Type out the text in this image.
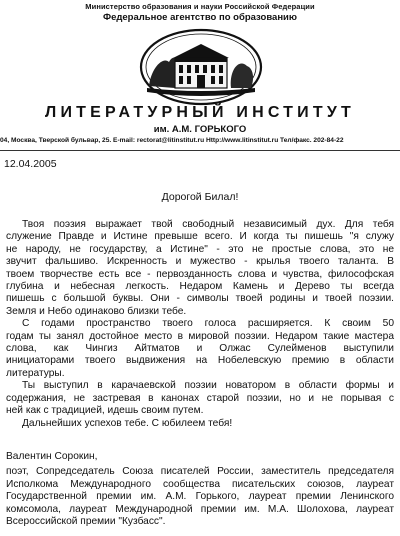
Министерство образования и науки Российской Федерации
Федеральное агентство по образованию
ЛИТЕРАТУРНЫЙ ИНСТИТУТ
им. А.М. ГОРЬКОГО
04, Москва, Тверской бульвар, 25. E-mail: rectorat@litinstitut.ru Http://www.litinstitut.ru Тел/факс. 202-84-22
12.04.2005
Дорогой Билал!
Твоя поэзия выражает твой свободный независимый дух. Для тебя
служение Правде и Истине превыше всего. И когда ты пишешь "я служу
не народу, не государству, а Истине" - это не простые слова, это не
звучит фальшиво. Искренность и мужество - крылья твоего таланта. В
твоем творчестве есть все - первозданность слова и чувства, философская
глубина и небесная легкость. Недаром Камень и Дерево ты всегда
пишешь с большой буквы. Они - символы твоей родины и твоей поэзии.
Земля и Небо одинаково близки тебе.
С годами пространство твоего голоса расширяется. К своим 50
годам ты занял достойное место в мировой поэзии. Недаром такие мастера
слова, как Чингиз Айтматов и Олжас Сулейменов выступили
инициаторами твоего выдвижения на Нобелевскую премию в области
литературы.
Ты выступил в карачаевской поэзии новатором в области формы и
содержания, не застревая в канонах старой поэзии, но и не порывая с
ней как с традицией, идешь своим путем.
Дальнейших успехов тебе. С юбилеем тебя!
Валентин Сорокин,
поэт, Сопредседатель Союза писателей России, заместитель председателя
Исполкома Международного сообщества писательских союзов, лауреат
Государственной премии им. А.М. Горького, лауреат премии Ленинского
комсомола, лауреат Международной премии им. М.А. Шолохова, лауреат
Всероссийской премии "Кузбасс".
